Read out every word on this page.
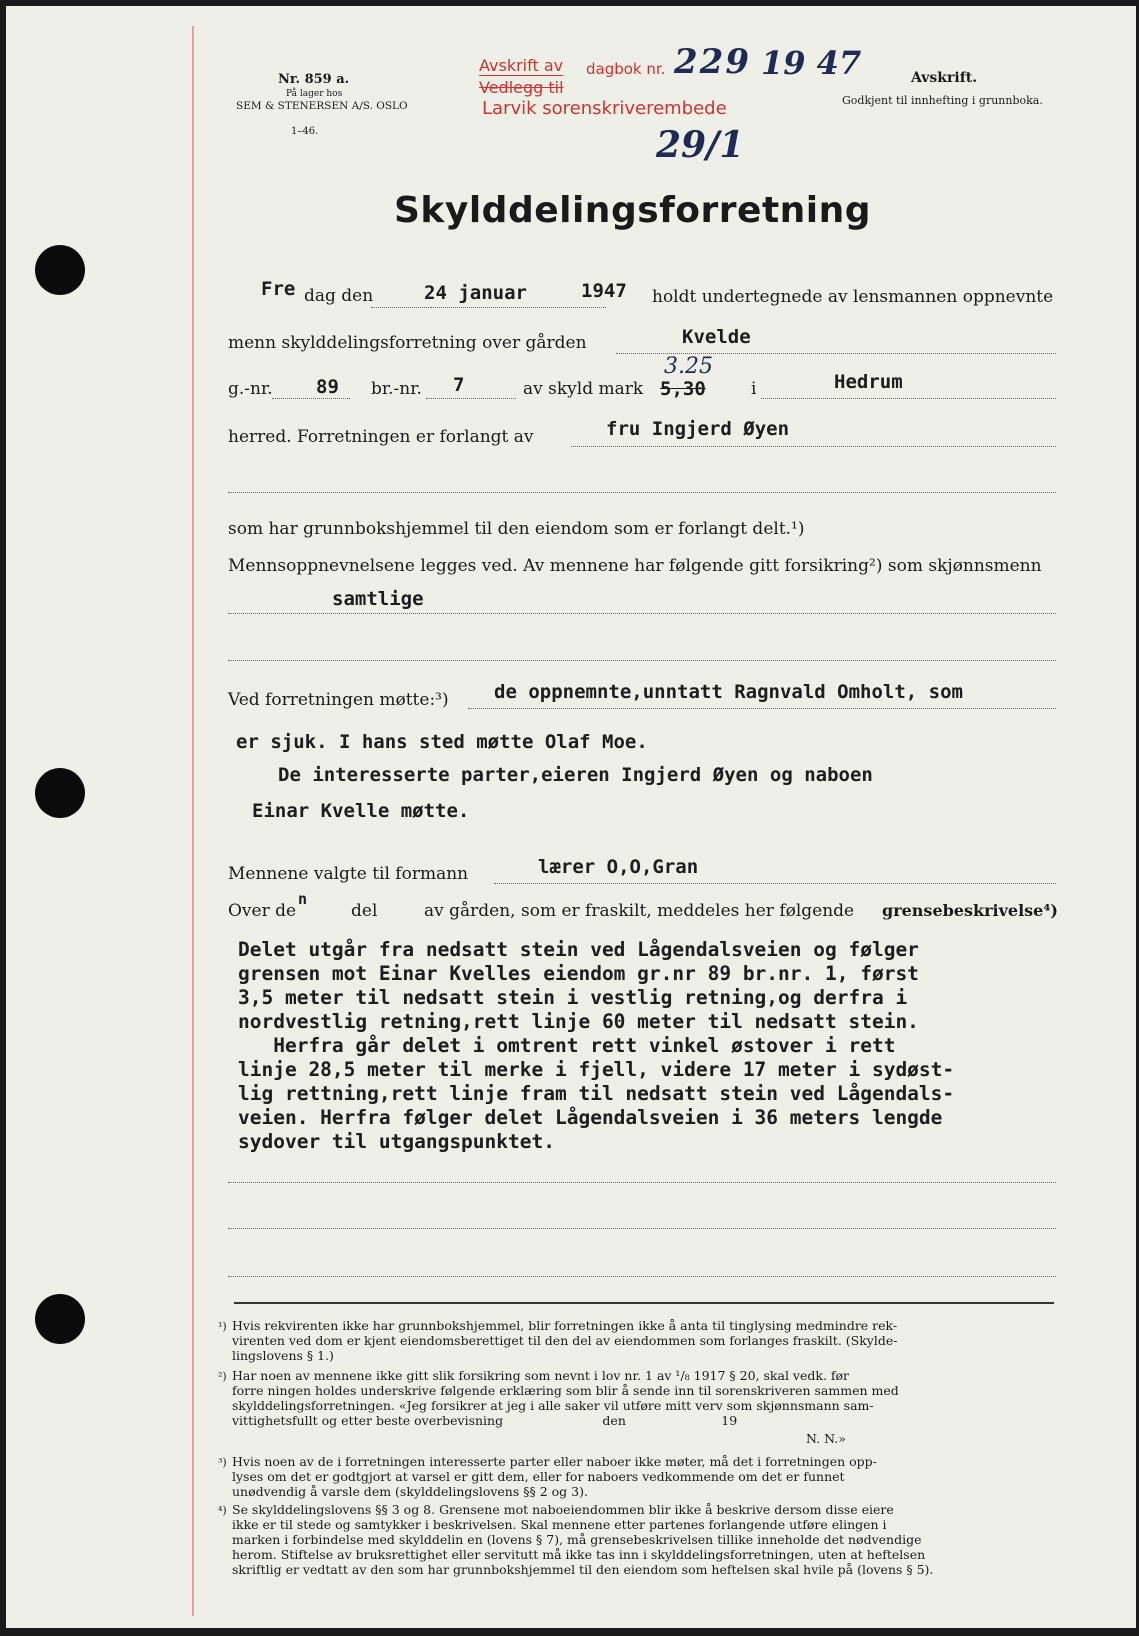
Nr. 859 a.
På lager hos
SEM & STENERSEN A/S. OSLO
1–46.
Avskrift av dagbok nr. 229 19 47
Vedlegg til
Larvik sorenskriverembede
29/1
Avskrift.
Godkjent til innhefting i grunnboka.
Skylddelingsforretning
Fre dag den	24 januar	1947 holdt undertegnede av lensmannen oppnevnte
menn skylddelingsforretning over gården	Kvelde
g.-nr. 89 br.-nr. 7	av skyld mark
3.25
5,30	i	Hedrum
herred. Forretningen er forlangt av	fru Ingjerd Øyen
som har grunnbokshjemmel til den eiendom som er forlangt delt.¹)
Mennsoppnevnelsene legges ved. Av mennene har følgende gitt forsikring²) som skjønnsmenn
samtlige
Ved forretningen møtte:³) de oppnemnte,unntatt Ragnvald Omholt, som
er sjuk. I hans sted møtte Olaf Moe.
De interesserte parter,eieren Ingjerd Øyen og naboen
Einar Kvelle møtte.
Mennene valgte til formann	lærer O,O,Gran
Over de
n
del	av gården, som er fraskilt, meddeles her følgende grensebeskrivelse⁴)
Delet utgår fra nedsatt stein ved Lågendalsveien og følger
grensen mot Einar Kvelles eiendom gr.nr 89 br.nr. 1, først
3,5 meter til nedsatt stein i vestlig retning,og derfra i
nordvestlig retning,rett linje 60 meter til nedsatt stein.
Herfra går delet i omtrent rett vinkel østover i rett
linje 28,5 meter til merke i fjell, videre 17 meter i sydøst-
lig rettning,rett linje fram til nedsatt stein ved Lågendals-
veien. Herfra følger delet Lågendalsveien i 36 meters lengde
sydover til utgangspunktet.
¹) Hvis rekvirenten ikke har grunnbokshjemmel, blir forretningen ikke å anta til tinglysing medmindre rek-
virenten ved dom er kjent eiendomsberettiget til den del av eiendommen som forlanges fraskilt. (Skylde-
lingslovens § 1.)
²) Har noen av mennene ikke gitt slik forsikring som nevnt i lov nr. 1 av ¹/₈ 1917 § 20, skal vedk. før
forre ningen holdes underskrive følgende erklæring som blir å sende inn til sorenskriveren sammen med
skylddelingsforretningen. «Jeg forsikrer at jeg i alle saker vil utføre mitt verv som skjønnsmann sam-
vittighetsfullt og etter beste overbevisning                         den                        19
N. N.»
³) Hvis noen av de i forretningen interesserte parter eller naboer ikke møter, må det i forretningen opp-
lyses om det er godtgjort at varsel er gitt dem, eller for naboers vedkommende om det er funnet
unødvendig å varsle dem (skylddelingslovens §§ 2 og 3).
⁴) Se skylddelingslovens §§ 3 og 8. Grensene mot naboeiendommen blir ikke å beskrive dersom disse eiere
ikke er til stede og samtykker i beskrivelsen. Skal mennene etter partenes forlangende utføre elingen i
marken i forbindelse med skylddelin en (lovens § 7), må grensebeskrivelsen tillike inneholde det nødvendige
herom. Stiftelse av bruksrettighet eller servitutt må ikke tas inn i skylddelingsforretningen, uten at heftelsen
skriftlig er vedtatt av den som har grunnbokshjemmel til den eiendom som heftelsen skal hvile på (lovens § 5).
